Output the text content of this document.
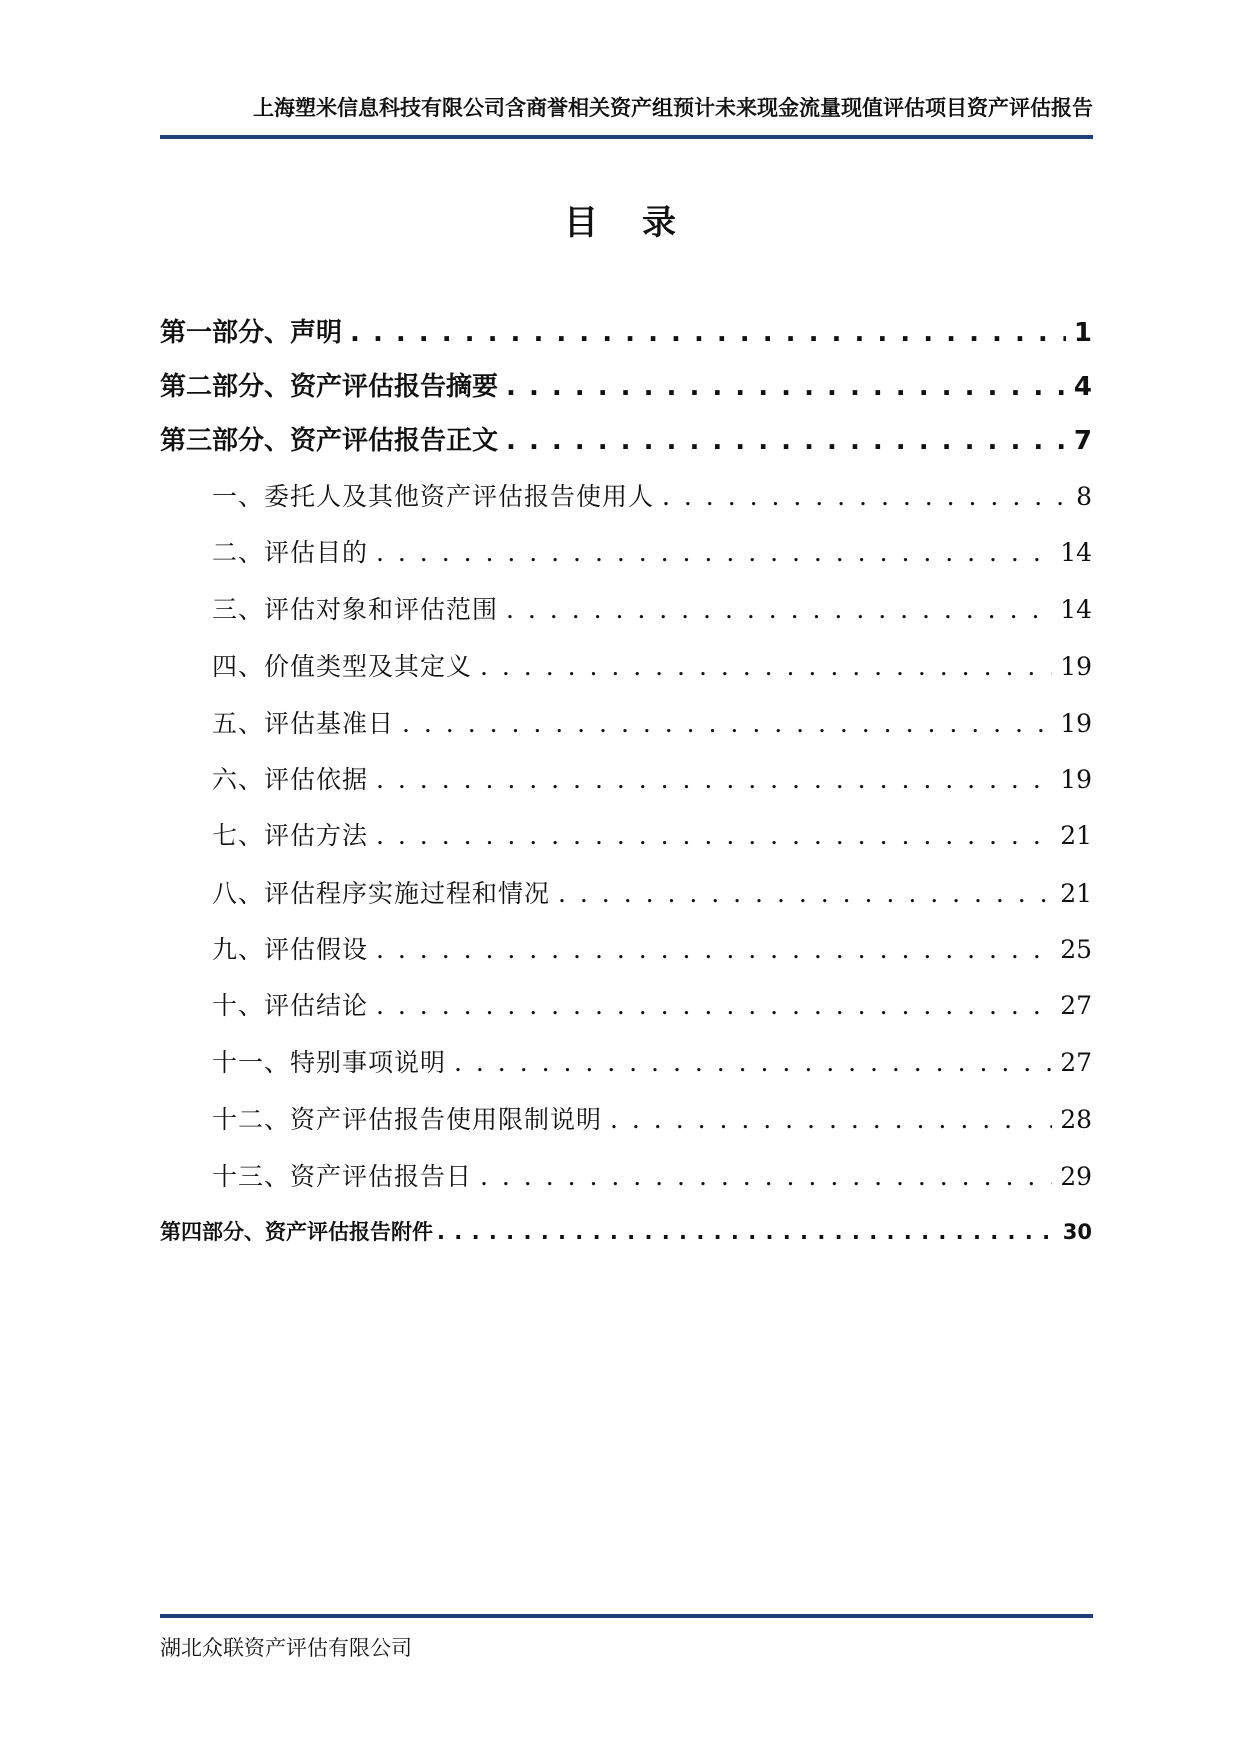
上海塑米信息科技有限公司含商誉相关资产组预计未来现金流量现值评估项目资产评估报告
目录
第一部分、声明 . . .	1
第二部分、资产评估报告摘要 . . .	4
第三部分、资产评估报告正文 . . .	7
一、委托人及其他资产评估报告使用人 . . .	8
二、评估目的 . . .	14
三、评估对象和评估范围 . . .	14
四、价值类型及其定义 . . .	19
五、评估基准日 . . .	19
六、评估依据 . . .	19
七、评估方法 . . .	21
八、评估程序实施过程和情况 . . .	21
九、评估假设 . . .	25
十、评估结论 . . .	27
十一、特别事项说明 . . .	27
十二、资产评估报告使用限制说明 . . .	28
十三、资产评估报告日 . . .	29
第四部分、资产评估报告附件 . . .	30
湖北众联资产评估有限公司
